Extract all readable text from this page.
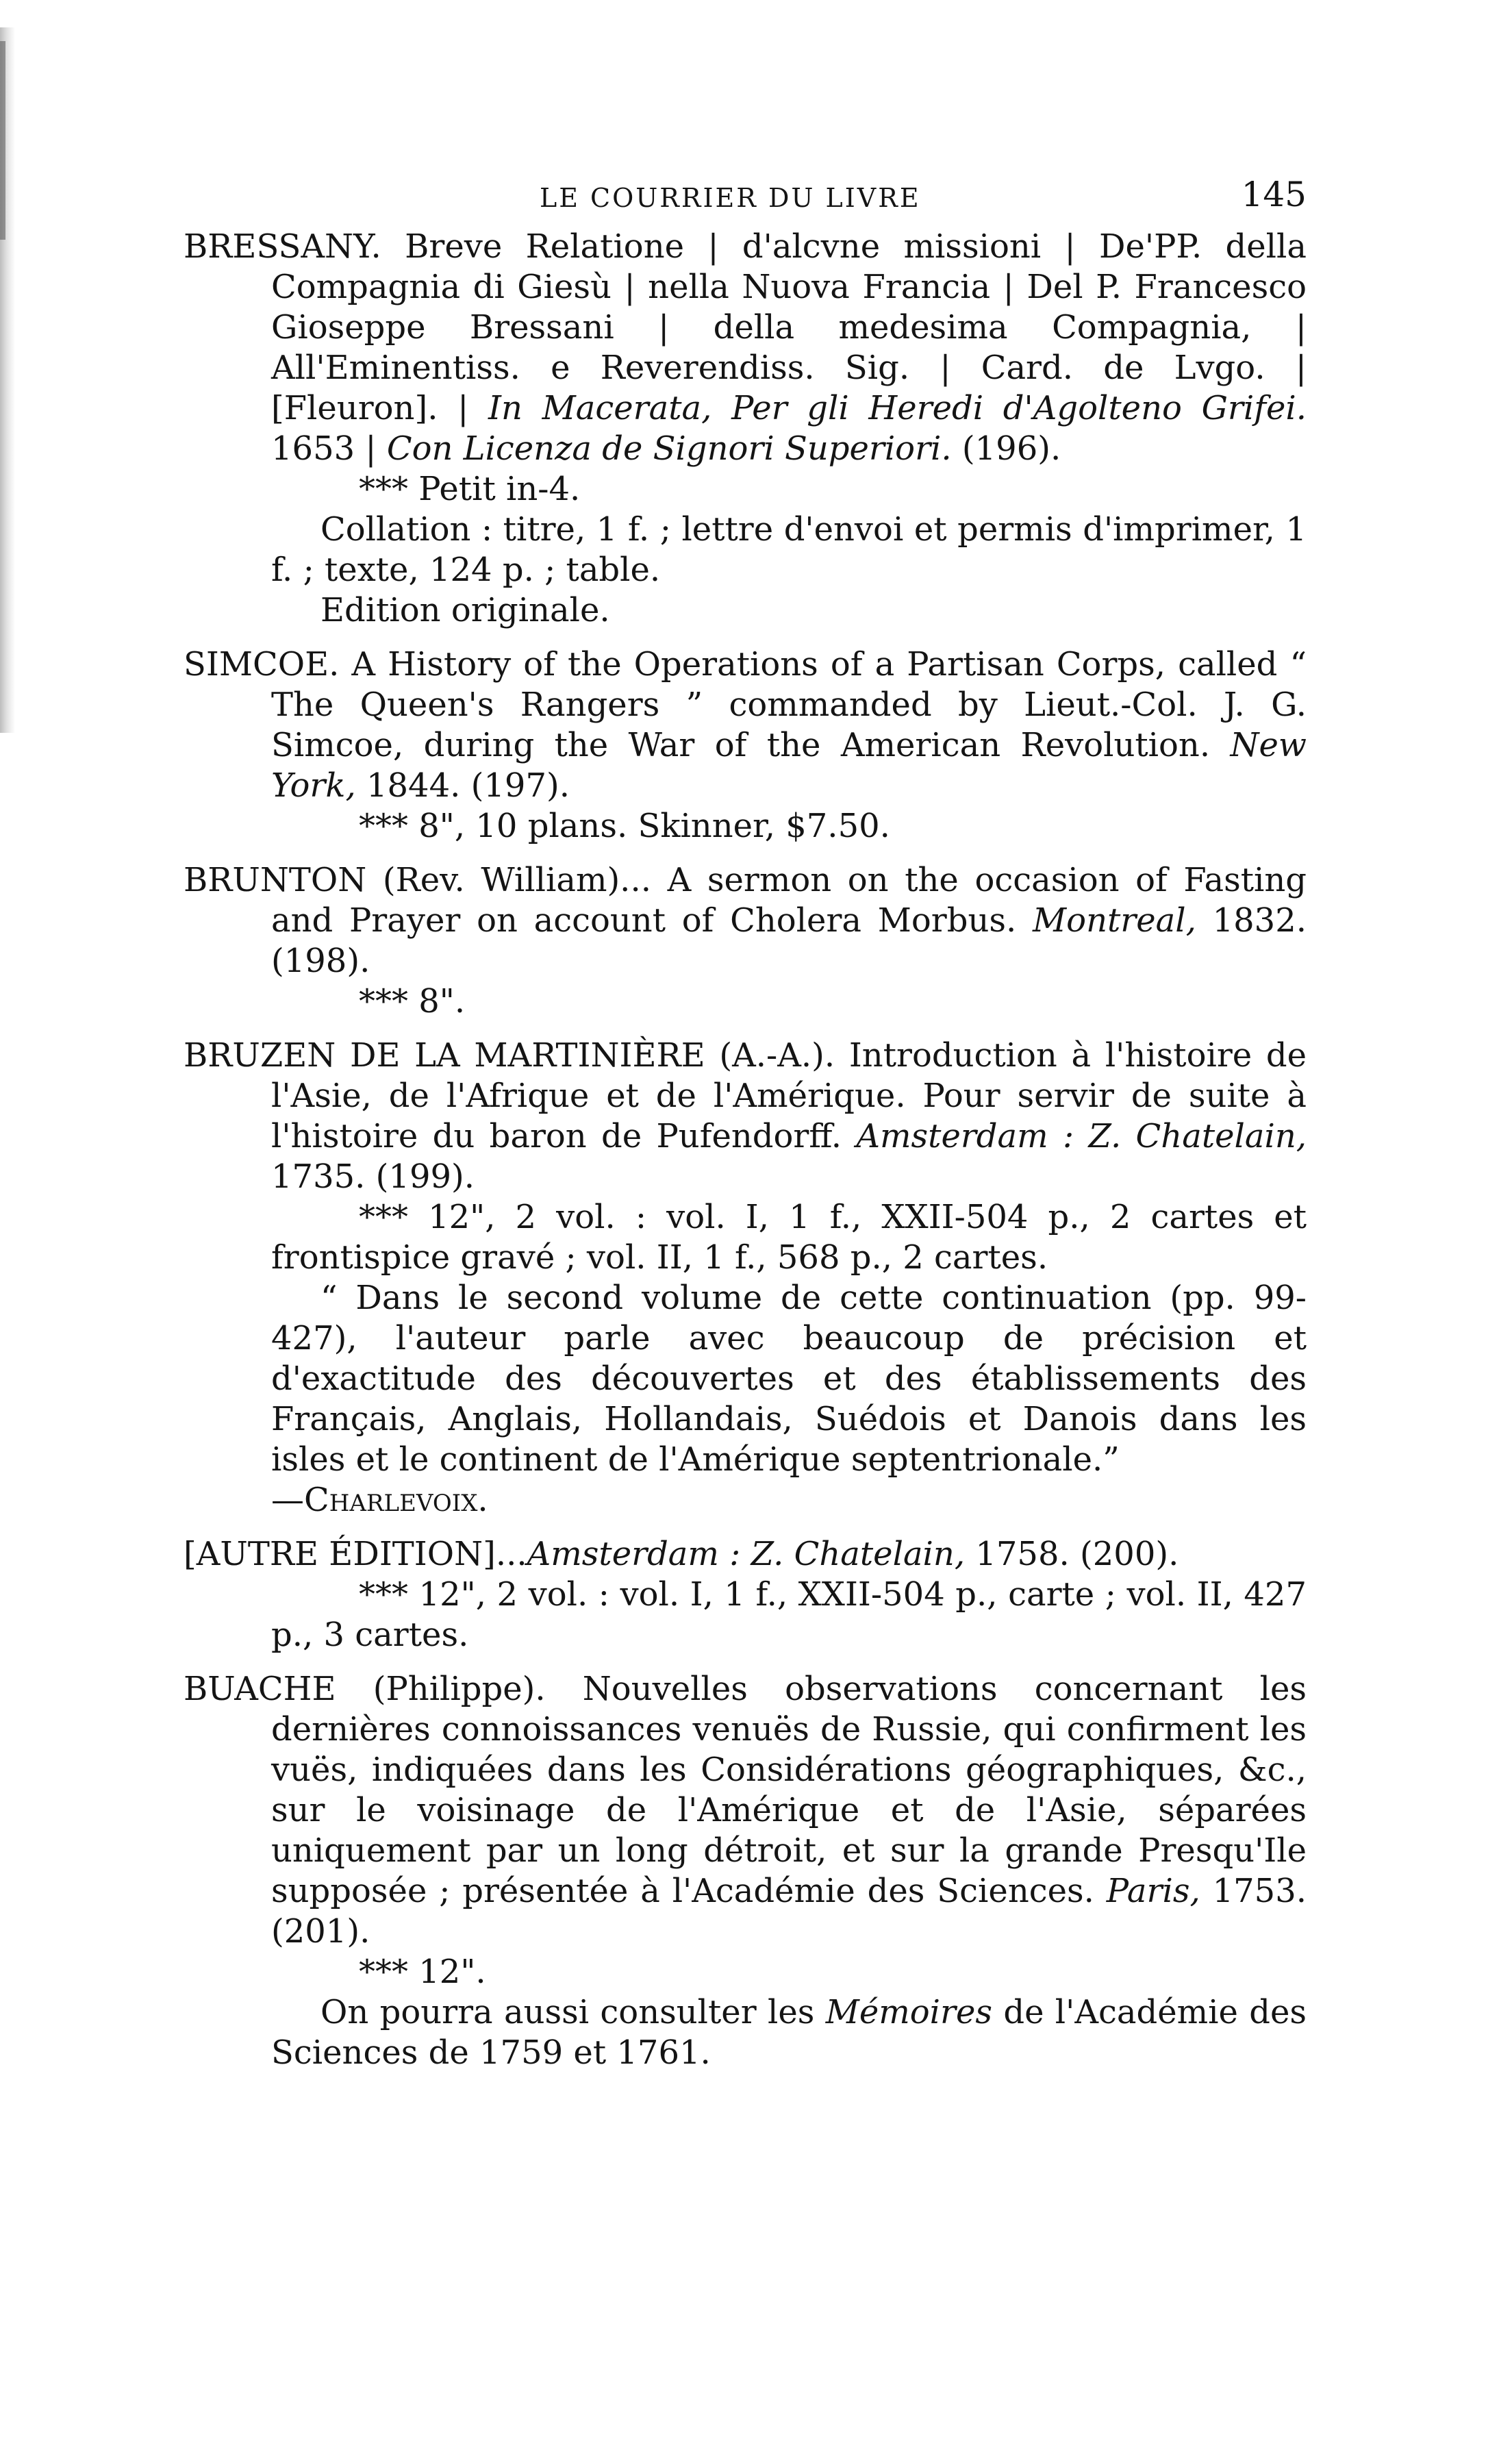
LE COURRIER DU LIVRE	145

BRESSANY. Breve Relatione | d'alcvne missioni | De'PP. della Compagnia di Giesù | nella Nuova Francia | Del P. Francesco Gioseppe Bressani | della medesima Compagnia, | All'Eminentiss. e Reverendiss. Sig. | Card. de Lvgo. | [Fleuron]. | In Macerata, Per gli Heredi d'Agolteno Grifei. 1653 | Con Licenza de Signori Superiori. (196).

*** Petit in-4.

Collation : titre, 1 f. ; lettre d'envoi et permis d'imprimer, 1 f. ; texte, 124 p. ; table.

Edition originale.

SIMCOE. A History of the Operations of a Partisan Corps, called “ The Queen's Rangers ” commanded by Lieut.-Col. J. G. Simcoe, during the War of the American Revolution. New York, 1844. (197).

*** 8", 10 plans. Skinner, $7.50.

BRUNTON (Rev. William)... A sermon on the occasion of Fasting and Prayer on account of Cholera Morbus. Montreal, 1832. (198).

*** 8".

BRUZEN DE LA MARTINIÈRE (A.-A.). Introduction à l'histoire de l'Asie, de l'Afrique et de l'Amérique. Pour servir de suite à l'histoire du baron de Pufendorff. Amsterdam : Z. Chatelain, 1735. (199).

*** 12", 2 vol. : vol. I, 1 f., XXII-504 p., 2 cartes et frontispice gravé ; vol. II, 1 f., 568 p., 2 cartes.

“ Dans le second volume de cette continuation (pp. 99-427), l'auteur parle avec beaucoup de précision et d'exactitude des découvertes et des établissements des Français, Anglais, Hollandais, Suédois et Danois dans les isles et le continent de l'Amérique septentrionale.”

—Charlevoix.

[AUTRE ÉDITION]...Amsterdam : Z. Chatelain, 1758. (200).

*** 12", 2 vol. : vol. I, 1 f., XXII-504 p., carte ; vol. II, 427 p., 3 cartes.

BUACHE (Philippe). Nouvelles observations concernant les dernières connoissances venuës de Russie, qui confirment les vuës, indiquées dans les Considérations géographiques, &c., sur le voisinage de l'Amérique et de l'Asie, séparées uniquement par un long détroit, et sur la grande Presqu'Ile supposée ; présentée à l'Académie des Sciences. Paris, 1753. (201).

*** 12".

On pourra aussi consulter les Mémoires de l'Académie des Sciences de 1759 et 1761.
